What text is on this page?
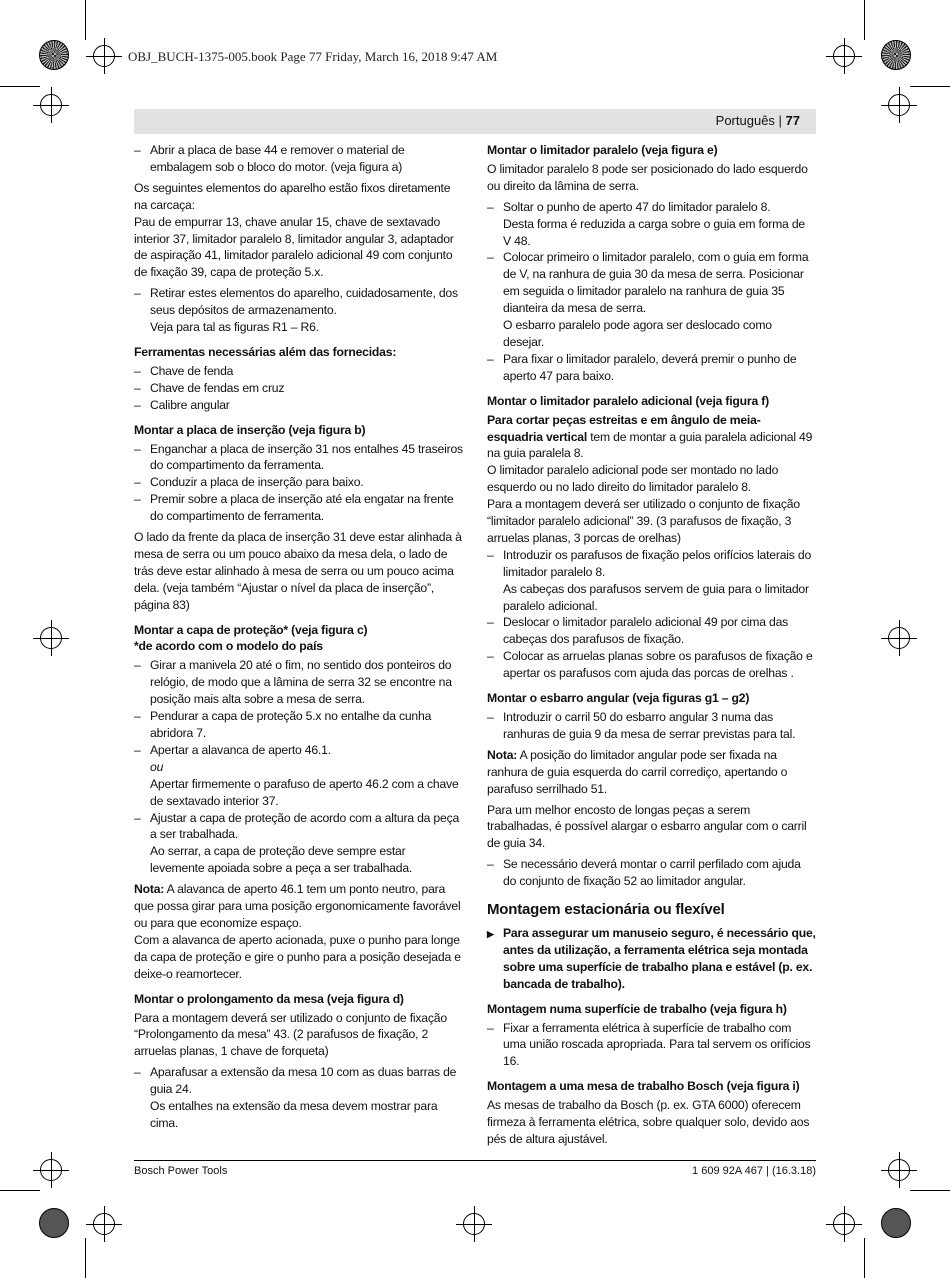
OBJ_BUCH-1375-005.book Page 77 Friday, March 16, 2018 9:47 AM
Português | 77
– Abrir a placa de base 44 e remover o material de embalagem sob o bloco do motor. (veja figura a)

Os seguintes elementos do aparelho estão fixos diretamente na carcaça:

Pau de empurrar 13, chave anular 15, chave de sextavado interior 37, limitador paralelo 8, limitador angular 3, adaptador de aspiração 41, limitador paralelo adicional 49 com conjunto de fixação 39, capa de proteção 5.x.

– Retirar estes elementos do aparelho, cuidadosamente, dos seus depósitos de armazenamento.
Veja para tal as figuras R1 – R6.

Ferramentas necessárias além das fornecidas:

– Chave de fenda
– Chave de fendas em cruz
– Calibre angular

Montar a placa de inserção (veja figura b)

– Enganchar a placa de inserção 31 nos entalhes 45 traseiros do compartimento da ferramenta.
– Conduzir a placa de inserção para baixo.
– Premir sobre a placa de inserção até ela engatar na frente do compartimento de ferramenta.

O lado da frente da placa de inserção 31 deve estar alinhada à mesa de serra ou um pouco abaixo da mesa dela, o lado de trás deve estar alinhado à mesa de serra ou um pouco acima dela. (veja também “Ajustar o nível da placa de inserção”, página 83)

Montar a capa de proteção* (veja figura c)

*de acordo com o modelo do país

– Girar a manivela 20 até o fim, no sentido dos ponteiros do relógio, de modo que a lâmina de serra 32 se encontre na posição mais alta sobre a mesa de serra.
– Pendurar a capa de proteção 5.x no entalhe da cunha abridora 7.
– Apertar a alavanca de aperto 46.1.
ou
Apertar firmemente o parafuso de aperto 46.2 com a chave de sextavado interior 37.
– Ajustar a capa de proteção de acordo com a altura da peça a ser trabalhada.
Ao serrar, a capa de proteção deve sempre estar levemente apoiada sobre a peça a ser trabalhada.

Nota: A alavanca de aperto 46.1 tem um ponto neutro, para que possa girar para uma posição ergonomicamente favorável ou para que economize espaço.

Com a alavanca de aperto acionada, puxe o punho para longe da capa de proteção e gire o punho para a posição desejada e deixe-o reamortecer.

Montar o prolongamento da mesa (veja figura d)

Para a montagem deverá ser utilizado o conjunto de fixação “Prolongamento da mesa” 43. (2 parafusos de fixação, 2 arruelas planas, 1 chave de forqueta)

– Aparafusar a extensão da mesa 10 com as duas barras de guia 24.
Os entalhes na extensão da mesa devem mostrar para cima.

Montar o limitador paralelo (veja figura e)

O limitador paralelo 8 pode ser posicionado do lado esquerdo ou direito da lâmina de serra.

– Soltar o punho de aperto 47 do limitador paralelo 8.
Desta forma é reduzida a carga sobre o guia em forma de V 48.
– Colocar primeiro o limitador paralelo, com o guia em forma de V, na ranhura de guia 30 da mesa de serra. Posicionar em seguida o limitador paralelo na ranhura de guia 35 dianteira da mesa de serra.
O esbarro paralelo pode agora ser deslocado como desejar.
– Para fixar o limitador paralelo, deverá premir o punho de aperto 47 para baixo.

Montar o limitador paralelo adicional (veja figura f)

Para cortar peças estreitas e em ângulo de meia-esquadria vertical tem de montar a guia paralela adicional 49 na guia paralela 8.

O limitador paralelo adicional pode ser montado no lado esquerdo ou no lado direito do limitador paralelo 8.

Para a montagem deverá ser utilizado o conjunto de fixação “limitador paralelo adicional” 39. (3 parafusos de fixação, 3 arruelas planas, 3 porcas de orelhas)

– Introduzir os parafusos de fixação pelos orifícios laterais do limitador paralelo 8.
As cabeças dos parafusos servem de guia para o limitador paralelo adicional.
– Deslocar o limitador paralelo adicional 49 por cima das cabeças dos parafusos de fixação.
– Colocar as arruelas planas sobre os parafusos de fixação e apertar os parafusos com ajuda das porcas de orelhas .

Montar o esbarro angular (veja figuras g1 – g2)

– Introduzir o carril 50 do esbarro angular 3 numa das ranhuras de guia 9 da mesa de serrar previstas para tal.

Nota: A posição do limitador angular pode ser fixada na ranhura de guia esquerda do carril corrediço, apertando o parafuso serrilhado 51.

Para um melhor encosto de longas peças a serem trabalhadas, é possível alargar o esbarro angular com o carril de guia 34.

– Se necessário deverá montar o carril perfilado com ajuda do conjunto de fixação 52 ao limitador angular.

Montagem estacionária ou flexível

▶ Para assegurar um manuseio seguro, é necessário que, antes da utilização, a ferramenta elétrica seja montada sobre uma superfície de trabalho plana e estável (p. ex. bancada de trabalho).

Montagem numa superfície de trabalho (veja figura h)

– Fixar a ferramenta elétrica à superfície de trabalho com uma união roscada apropriada. Para tal servem os orifícios 16.

Montagem a uma mesa de trabalho Bosch (veja figura i)

As mesas de trabalho da Bosch (p. ex. GTA 6000) oferecem firmeza à ferramenta elétrica, sobre qualquer solo, devido aos pés de altura ajustável.

Bosch Power Tools	1 609 92A 467 | (16.3.18)
